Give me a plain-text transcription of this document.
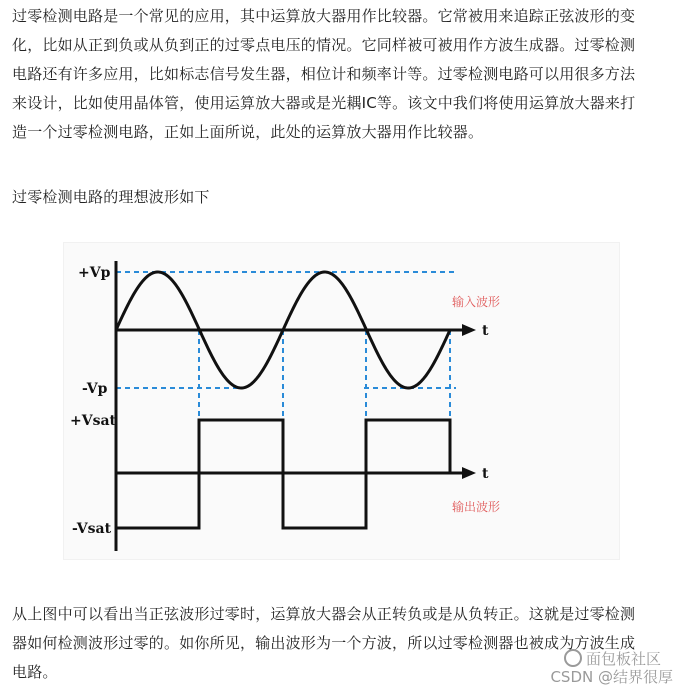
过零检测电路是一个常见的应用，其中运算放大器用作比较器。它常被用来追踪正弦波形的变
化，比如从正到负或从负到正的过零点电压的情况。它同样被可被用作方波生成器。过零检测
电路还有许多应用，比如标志信号发生器，相位计和频率计等。过零检测电路可以用很多方法
来设计，比如使用晶体管，使用运算放大器或是光耦IC等。该文中我们将使用运算放大器来打
造一个过零检测电路，正如上面所说，此处的运算放大器用作比较器。

过零检测电路的理想波形如下

+Vp
-Vp
+Vsat
-Vsat
t
t
输入波形
输出波形

从上图中可以看出当正弦波形过零时，运算放大器会从正转负或是从负转正。这就是过零检测
器如何检测波形过零的。如你所见，输出波形为一个方波，所以过零检测器也被成为方波生成
电路。

面包板社区
CSDN @结界很厚
